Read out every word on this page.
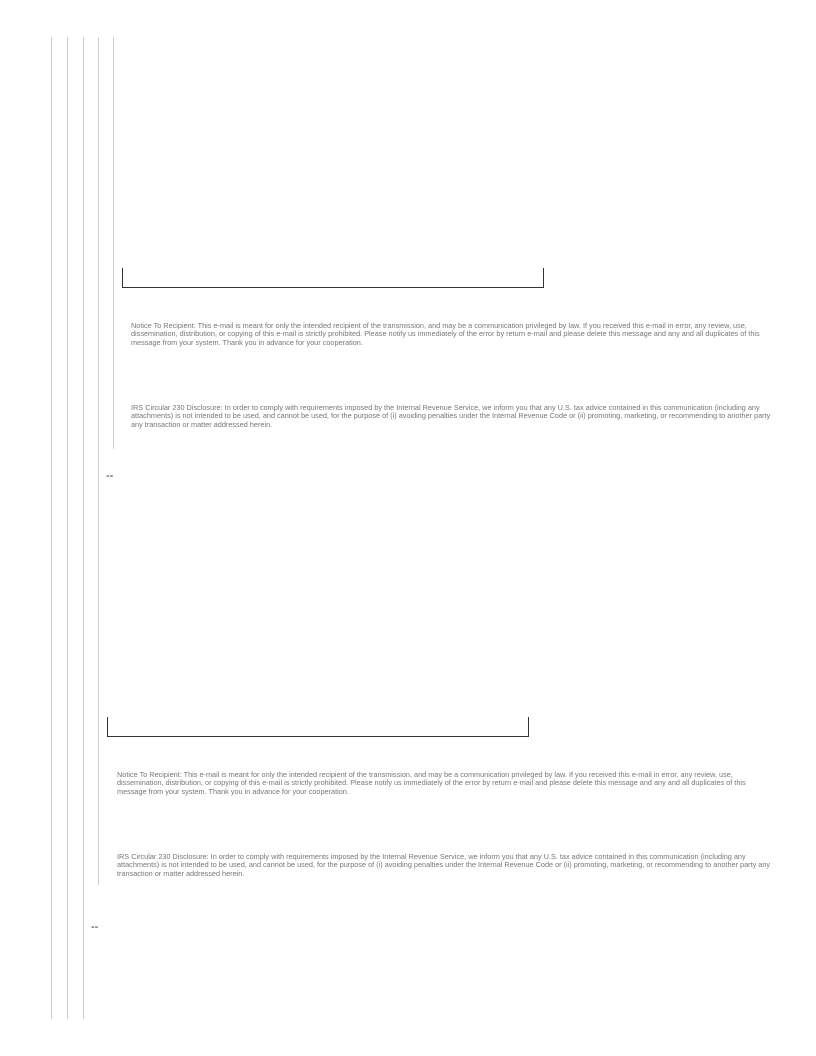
Notice To Recipient: This e-mail is meant for only the intended recipient of the transmission, and may be a communication privileged by law. If you received this e-mail in error, any review, use, dissemination, distribution, or copying of this e-mail is strictly prohibited. Please notify us immediately of the error by return e-mail and please delete this message and any and all duplicates of this message from your system. Thank you in advance for your cooperation.

IRS Circular 230 Disclosure: In order to comply with requirements imposed by the Internal Revenue Service, we inform you that any U.S. tax advice contained in this communication (including any attachments) is not intended to be used, and cannot be used, for the purpose of (i) avoiding penalties under the Internal Revenue Code or (ii) promoting, marketing, or recommending to another party any transaction or matter addressed herein.

--

Notice To Recipient: This e-mail is meant for only the intended recipient of the transmission, and may be a communication privileged by law. If you received this e-mail in error, any review, use, dissemination, distribution, or copying of this e-mail is strictly prohibited. Please notify us immediately of the error by return e-mail and please delete this message and any and all duplicates of this message from your system. Thank you in advance for your cooperation.

IRS Circular 230 Disclosure: In order to comply with requirements imposed by the Internal Revenue Service, we inform you that any U.S. tax advice contained in this communication (including any attachments) is not intended to be used, and cannot be used, for the purpose of (i) avoiding penalties under the Internal Revenue Code or (ii) promoting, marketing, or recommending to another party any transaction or matter addressed herein.

--
